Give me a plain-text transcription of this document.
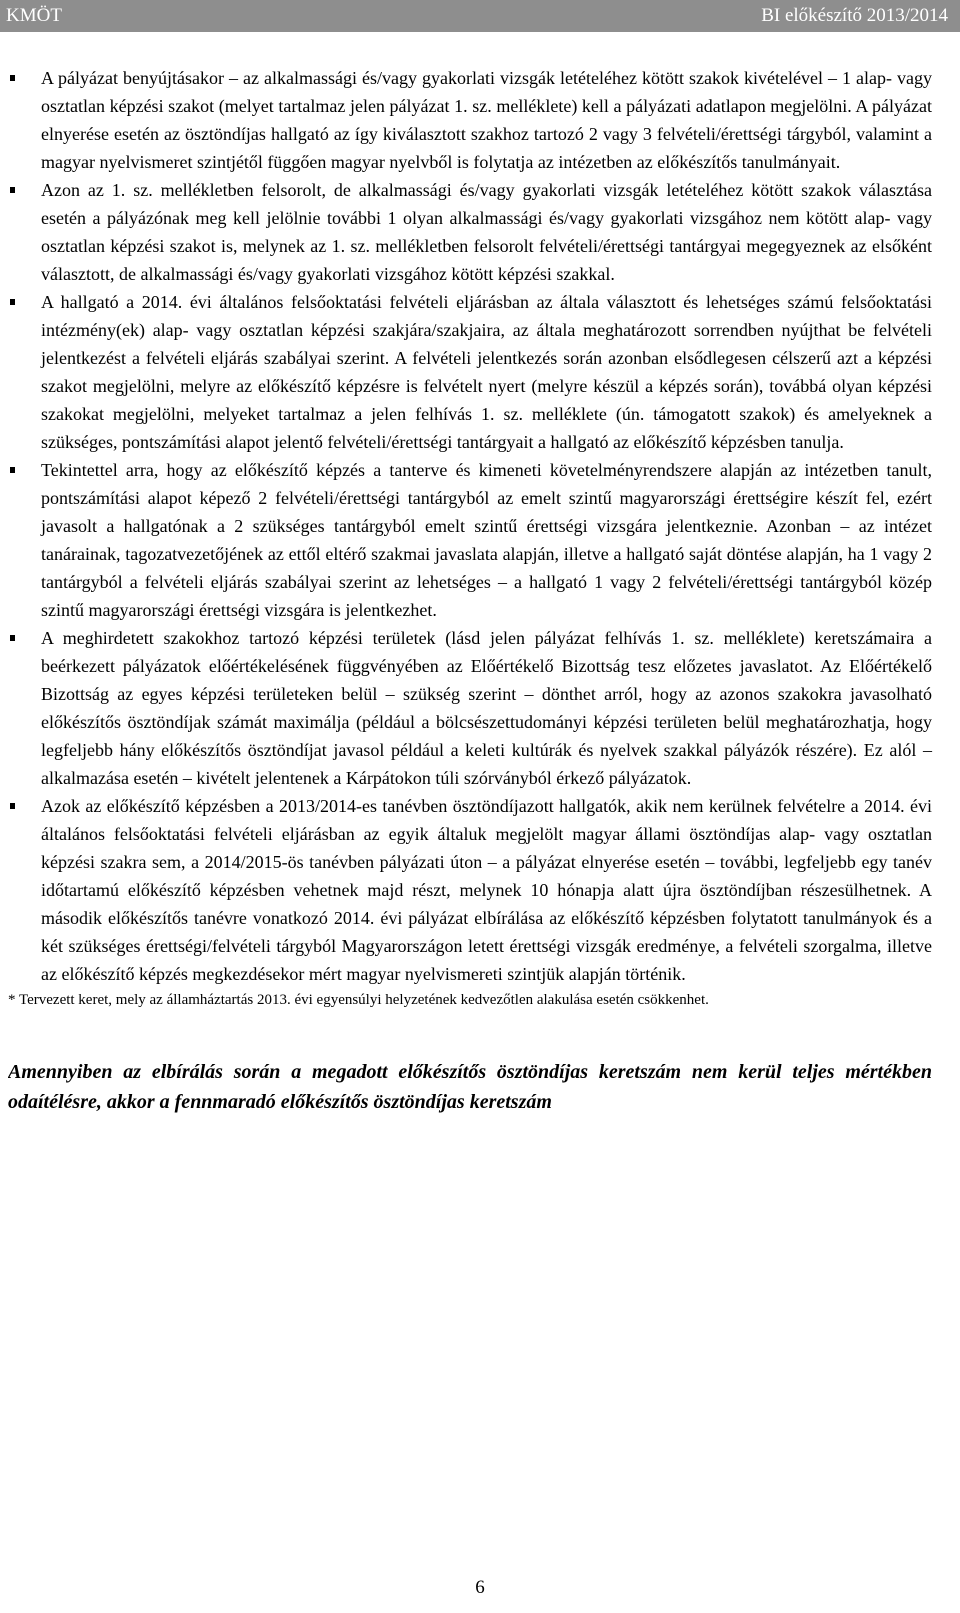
KMÖT	BI előkészítő 2013/2014

A pályázat benyújtásakor – az alkalmassági és/vagy gyakorlati vizsgák letételéhez kötött szakok kivételével – 1 alap- vagy osztatlan képzési szakot (melyet tartalmaz jelen pályázat 1. sz. melléklete) kell a pályázati adatlapon megjelölni. A pályázat elnyerése esetén az ösztöndíjas hallgató az így kiválasztott szakhoz tartozó 2 vagy 3 felvételi/érettségi tárgyból, valamint a magyar nyelvismeret szintjétől függően magyar nyelvből is folytatja az intézetben az előkészítős tanulmányait.

Azon az 1. sz. mellékletben felsorolt, de alkalmassági és/vagy gyakorlati vizsgák letételéhez kötött szakok választása esetén a pályázónak meg kell jelölnie további 1 olyan alkalmassági és/vagy gyakorlati vizsgához nem kötött alap- vagy osztatlan képzési szakot is, melynek az 1. sz. mellékletben felsorolt felvételi/érettségi tantárgyai megegyeznek az elsőként választott, de alkalmassági és/vagy gyakorlati vizsgához kötött képzési szakkal.

A hallgató a 2014. évi általános felsőoktatási felvételi eljárásban az általa választott és lehetséges számú felsőoktatási intézmény(ek) alap- vagy osztatlan képzési szakjára/szakjaira, az általa meghatározott sorrendben nyújthat be felvételi jelentkezést a felvételi eljárás szabályai szerint. A felvételi jelentkezés során azonban elsődlegesen célszerű azt a képzési szakot megjelölni, melyre az előkészítő képzésre is felvételt nyert (melyre készül a képzés során), továbbá olyan képzési szakokat megjelölni, melyeket tartalmaz a jelen felhívás 1. sz. melléklete (ún. támogatott szakok) és amelyeknek a szükséges, pontszámítási alapot jelentő felvételi/érettségi tantárgyait a hallgató az előkészítő képzésben tanulja.

Tekintettel arra, hogy az előkészítő képzés a tanterve és kimeneti követelményrendszere alapján az intézetben tanult, pontszámítási alapot képező 2 felvételi/érettségi tantárgyból az emelt szintű magyarországi érettségire készít fel, ezért javasolt a hallgatónak a 2 szükséges tantárgyból emelt szintű érettségi vizsgára jelentkeznie. Azonban – az intézet tanárainak, tagozatvezetőjének az ettől eltérő szakmai javaslata alapján, illetve a hallgató saját döntése alapján, ha 1 vagy 2 tantárgyból a felvételi eljárás szabályai szerint az lehetséges – a hallgató 1 vagy 2 felvételi/érettségi tantárgyból közép szintű magyarországi érettségi vizsgára is jelentkezhet.

A meghirdetett szakokhoz tartozó képzési területek (lásd jelen pályázat felhívás 1. sz. melléklete) keretszámaira a beérkezett pályázatok előértékelésének függvényében az Előértékelő Bizottság tesz előzetes javaslatot. Az Előértékelő Bizottság az egyes képzési területeken belül – szükség szerint – dönthet arról, hogy az azonos szakokra javasolható előkészítős ösztöndíjak számát maximálja (például a bölcsészettudományi képzési területen belül meghatározhatja, hogy legfeljebb hány előkészítős ösztöndíjat javasol például a keleti kultúrák és nyelvek szakkal pályázók részére). Ez alól – alkalmazása esetén – kivételt jelentenek a Kárpátokon túli szórványból érkező pályázatok.

Azok az előkészítő képzésben a 2013/2014-es tanévben ösztöndíjazott hallgatók, akik nem kerülnek felvételre a 2014. évi általános felsőoktatási felvételi eljárásban az egyik általuk megjelölt magyar állami ösztöndíjas alap- vagy osztatlan képzési szakra sem, a 2014/2015-ös tanévben pályázati úton – a pályázat elnyerése esetén – további, legfeljebb egy tanév időtartamú előkészítő képzésben vehetnek majd részt, melynek 10 hónapja alatt újra ösztöndíjban részesülhetnek. A második előkészítős tanévre vonatkozó 2014. évi pályázat elbírálása az előkészítő képzésben folytatott tanulmányok és a két szükséges érettségi/felvételi tárgyból Magyarországon letett érettségi vizsgák eredménye, a felvételi szorgalma, illetve az előkészítő képzés megkezdésekor mért magyar nyelvismereti szintjük alapján történik.

* Tervezett keret, mely az államháztartás 2013. évi egyensúlyi helyzetének kedvezőtlen alakulása esetén csökkenhet.

Amennyiben az elbírálás során a megadott előkészítős ösztöndíjas keretszám nem kerül teljes mértékben odaítélésre, akkor a fennmaradó előkészítős ösztöndíjas keretszám

6
